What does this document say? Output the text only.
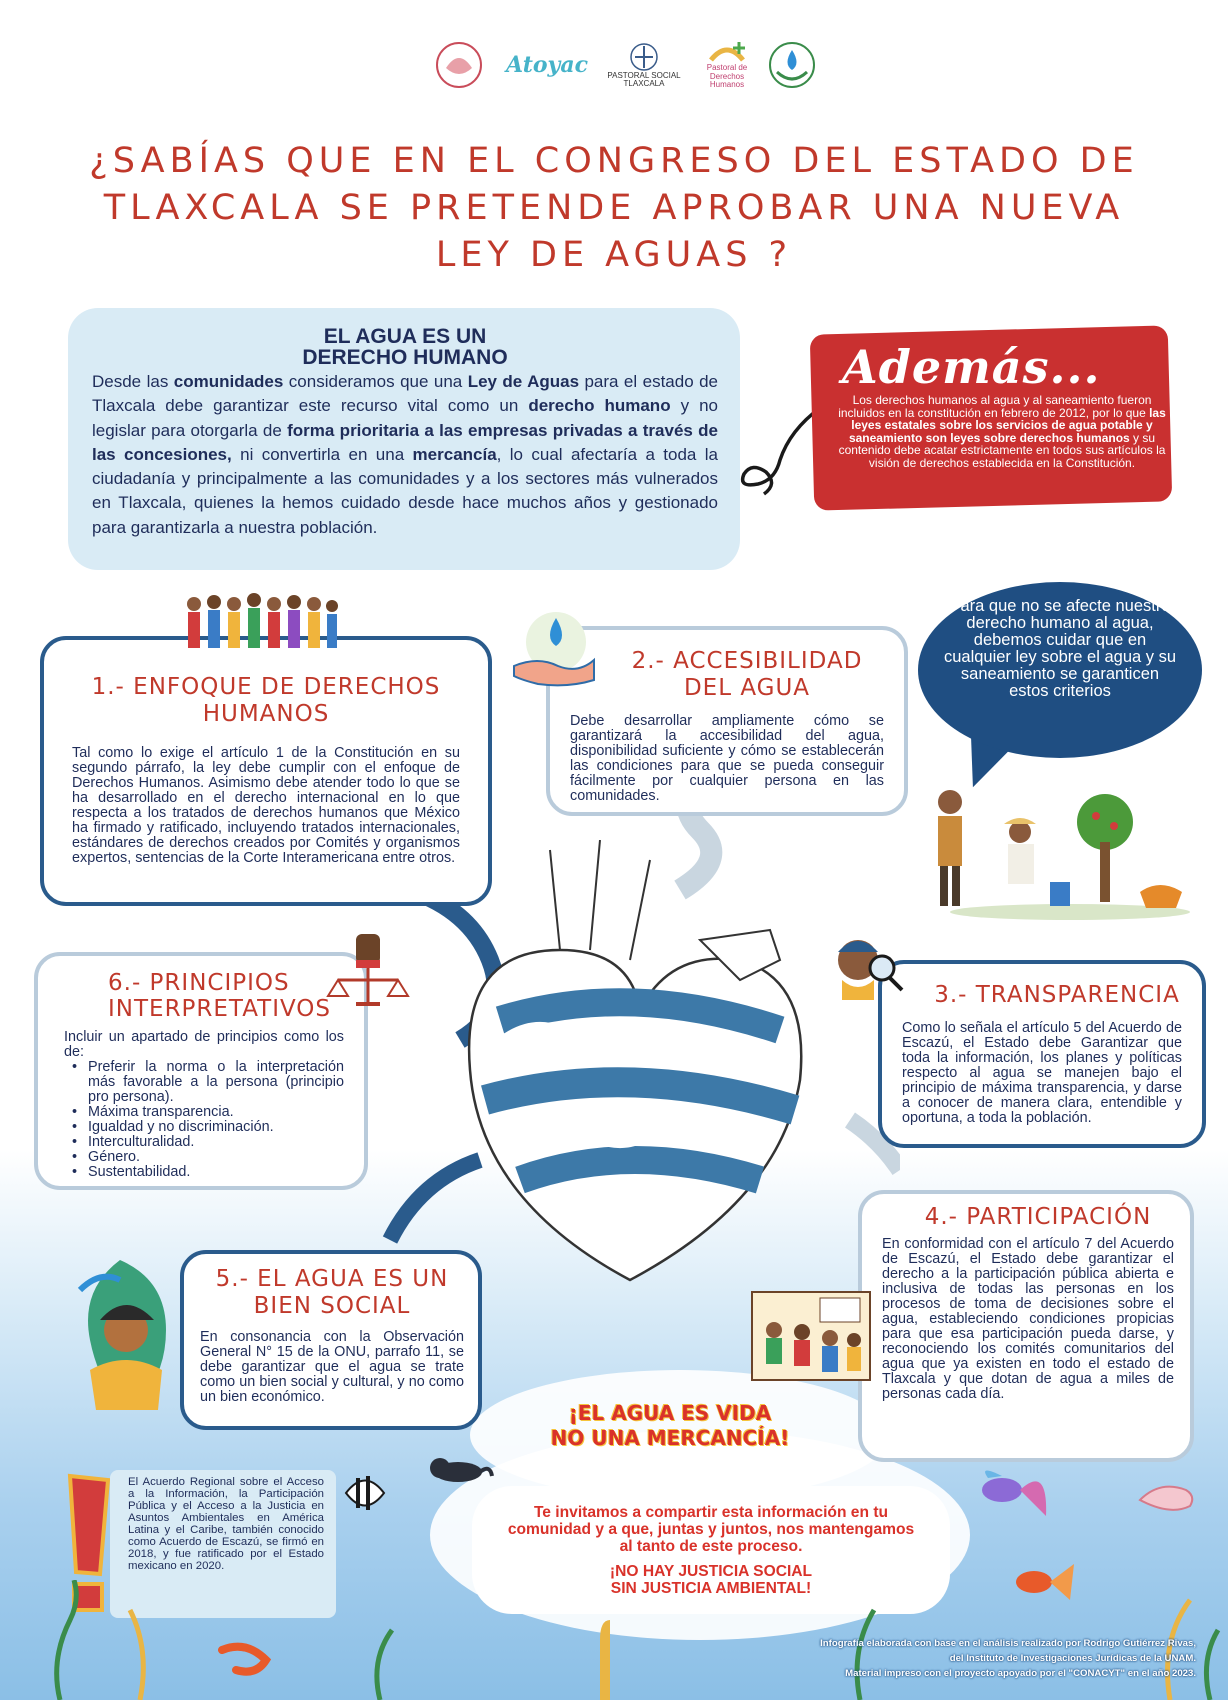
Atoyac PASTORAL SOCIAL TLAXCALA
Pastoral de Derechos Humanos
¿SABÍAS QUE EN EL CONGRESO DEL ESTADO DE TLAXCALA SE PRETENDE APROBAR UNA NUEVA LEY DE AGUAS ?
EL AGUA ES UN
DERECHO HUMANO

Desde las comunidades consideramos que una Ley de Aguas para el estado de Tlaxcala debe garantizar este recurso vital como un derecho humano y no legislar para otorgarla de forma prioritaria a las empresas privadas a través de las concesiones, ni convertirla en una mercancía, lo cual afectaría a toda la ciudadanía y principalmente a las comunidades y a los sectores más vulnerados en Tlaxcala, quienes la hemos cuidado desde hace muchos años y gestionado para garantizarla a nuestra población.

Además...
Los derechos humanos al agua y al saneamiento fueron incluidos en la constitución en febrero de 2012, por lo que las leyes estatales sobre los servicios de agua potable y saneamiento son leyes sobre derechos humanos y su contenido debe acatar estrictamente en todos sus artículos la visión de derechos establecida en la Constitución.
Para que no se afecte nuestro derecho humano al agua, debemos cuidar que en cualquier ley sobre el agua y su saneamiento se garanticen estos criterios
1.- ENFOQUE DE DERECHOS HUMANOS

Tal como lo exige el artículo 1 de la Constitución en su segundo párrafo, la ley debe cumplir con el enfoque de Derechos Humanos. Asimismo debe atender todo lo que se ha desarrollado en el derecho internacional en lo que respecta a los tratados de derechos humanos que México ha firmado y ratificado, incluyendo tratados internacionales, estándares de derechos creados por Comités y organismos expertos, sentencias de la Corte Interamericana entre otros.

2.- ACCESIBILIDAD DEL AGUA

Debe desarrollar ampliamente cómo se garantizará la accesibilidad del agua, disponibilidad suficiente y cómo se establecerán las condiciones para que se pueda conseguir fácilmente por cualquier persona en las comunidades.

6.- PRINCIPIOS INTERPRETATIVOS

Incluir un apartado de principios como los de:

• Preferir la norma o la interpretación más favorable a la persona (principio pro persona).
• Máxima transparencia.
• Igualdad y no discriminación.
• Interculturalidad.
• Género.
• Sustentabilidad.
3.- TRANSPARENCIA

Como lo señala el artículo 5 del Acuerdo de Escazú, el Estado debe Garantizar que toda la información, los planes y políticas respecto al agua se manejen bajo el principio de máxima transparencia, y darse a conocer de manera clara, entendible y oportuna, a toda la población.

4.- PARTICIPACIÓN

En conformidad con el artículo 7 del Acuerdo de Escazú, el Estado debe garantizar el derecho a la participación pública abierta e inclusiva de todas las personas en los procesos de toma de decisiones sobre el agua, estableciendo condiciones propicias para que esa participación pueda darse, y reconociendo los comités comunitarios del agua que ya existen en todo el estado de Tlaxcala y que dotan de agua a miles de personas cada día.

5.- EL AGUA ES UN BIEN SOCIAL

En consonancia con la Observación General N° 15 de la ONU, parrafo 11, se debe garantizar que el agua se trate como un bien social y cultural, y no como un bien económico.

¡EL AGUA ES VIDA
NO UNA MERCANCÍA!
Te invitamos a compartir esta información en tu comunidad y a que, juntas y juntos, nos mantengamos al tanto de este proceso.
¡NO HAY JUSTICIA SOCIAL
SIN JUSTICIA AMBIENTAL!
El Acuerdo Regional sobre el Acceso a la Información, la Participación Pública y el Acceso a la Justicia en Asuntos Ambientales en América Latina y el Caribe, también conocido como Acuerdo de Escazú, se firmó en 2018, y fue ratificado por el Estado mexicano en 2020.
Infografía elaborada con base en el análisis realizado por Rodrigo Gutiérrez Rivas,
del Instituto de Investigaciones Jurídicas de la UNAM.
Material impreso con el proyecto apoyado por el "CONACYT" en el año 2023.
